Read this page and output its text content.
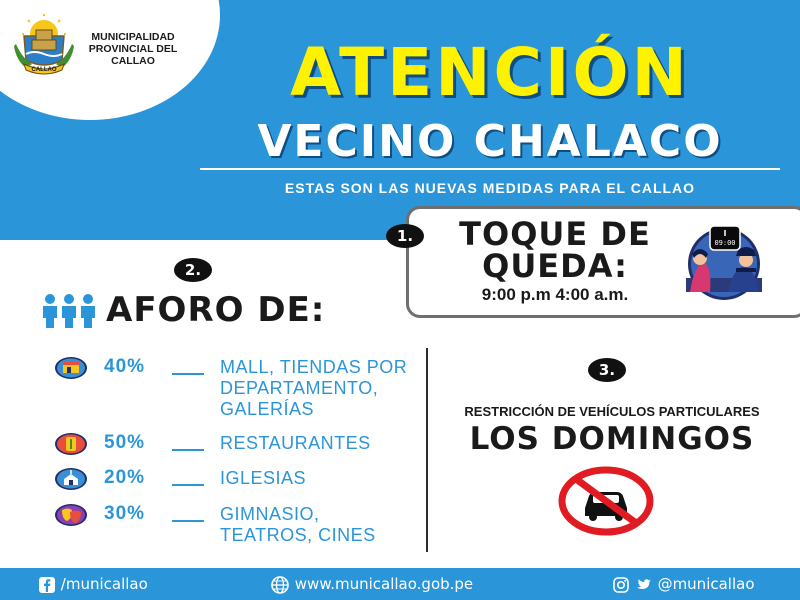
CALLAO
MUNICIPALIDAD PROVINCIAL DEL CALLAO	ATENCIÓN
VECINO CHALACO
ESTAS SON LAS NUEVAS MEDIDAS PARA EL CALLAO
1.	TOQUE DE
QUEDA:
9:00 p.m 4:00 a.m.
09:00
2.
AFORO DE:
40%	MALL, TIENDAS POR
DEPARTAMENTO,
GALERÍAS
50%	RESTAURANTES
20%	IGLESIAS
30%	GIMNASIO,
TEATROS, CINES
3.
RESTRICCIÓN DE VEHÍCULOS PARTICULARES
LOS DOMINGOS
/municallao	www.municallao.gob.pe	@municallao
